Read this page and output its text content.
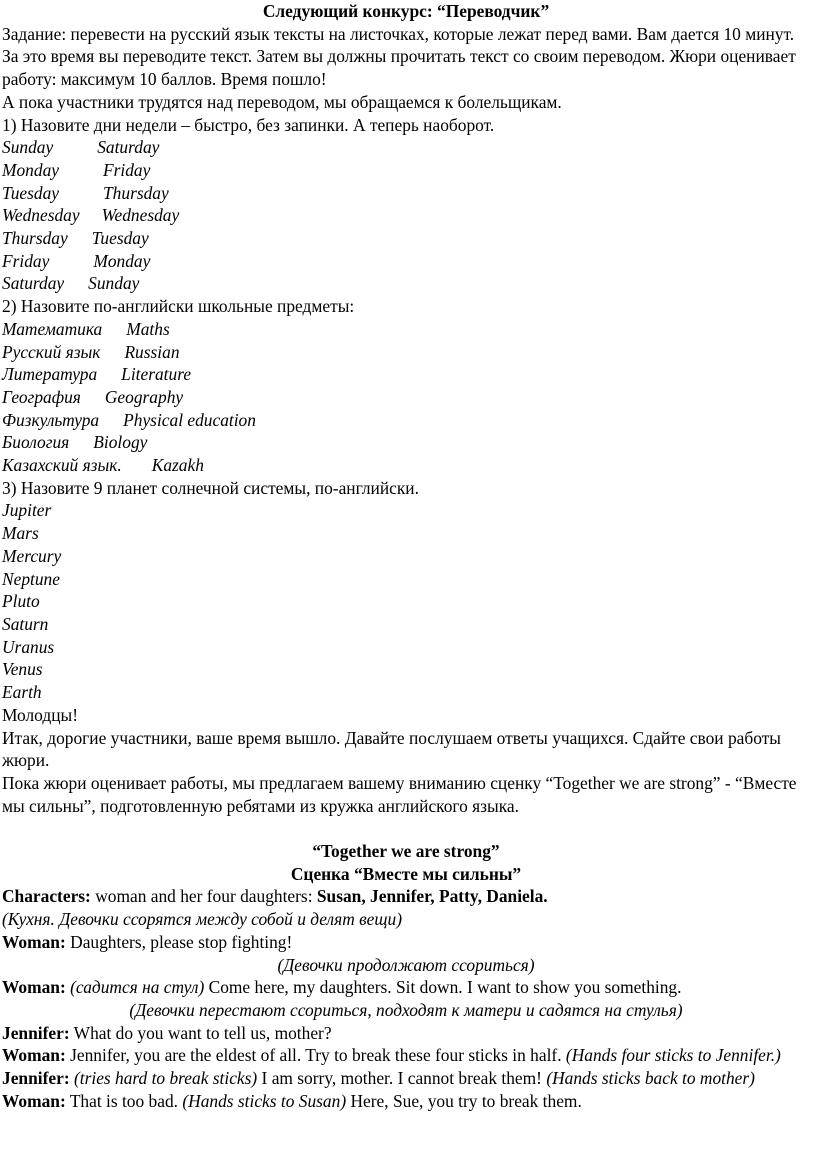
Следующий конкурс: “Переводчик”
Задание: перевести на русский язык тексты на листочках, которые лежат перед вами. Вам дается 10 минут. За это время вы переводите текст. Затем вы должны прочитать текст со своим переводом. Жюри оценивает работу: максимум 10 баллов. Время пошло!
А пока участники трудятся над переводом, мы обращаемся к болельщикам.
1) Назовите дни недели – быстро, без запинки. А теперь наоборот.
Sunday	Saturday
Monday	Friday
Tuesday	Thursday
Wednesday Wednesday
Thursday Tuesday
Friday	Monday
Saturday Sunday
2) Назовите по-английски школьные предметы:
Математика Maths
Русский язык Russian
Литература Literature
География Geography
Физкультура Physical education
Биология Biology
Казахский язык. Kazakh
3) Назовите 9 планет солнечной системы, по-английски.
Jupiter
Mars
Mercury
Neptune
Pluto
Saturn
Uranus
Venus
Earth
Молодцы!
Итак, дорогие участники, ваше время вышло. Давайте послушаем ответы учащихся. Сдайте свои работы жюри.
Пока жюри оценивает работы, мы предлагаем вашему вниманию сценку “Together we are strong” - “Вместе мы сильны”, подготовленную ребятами из кружка английского языка.
“Together we are strong”
Сценка “Вместе мы сильны”
Characters: woman and her four daughters: Susan, Jennifer, Patty, Daniela.
(Кухня. Девочки ссорятся между собой и делят вещи)
Woman: Daughters, please stop fighting!
(Девочки продолжают ссориться)
Woman: (садится на стул) Come here, my daughters. Sit down. I want to show you something.
(Девочки перестают ссориться, подходят к матери и садятся на стулья)
Jennifer: What do you want to tell us, mother?
Woman: Jennifer, you are the eldest of all. Try to break these four sticks in half. (Hands four sticks to Jennifer.)
Jennifer: (tries hard to break sticks) I am sorry, mother. I cannot break them! (Hands sticks back to mother)
Woman: That is too bad. (Hands sticks to Susan) Here, Sue, you try to break them.
